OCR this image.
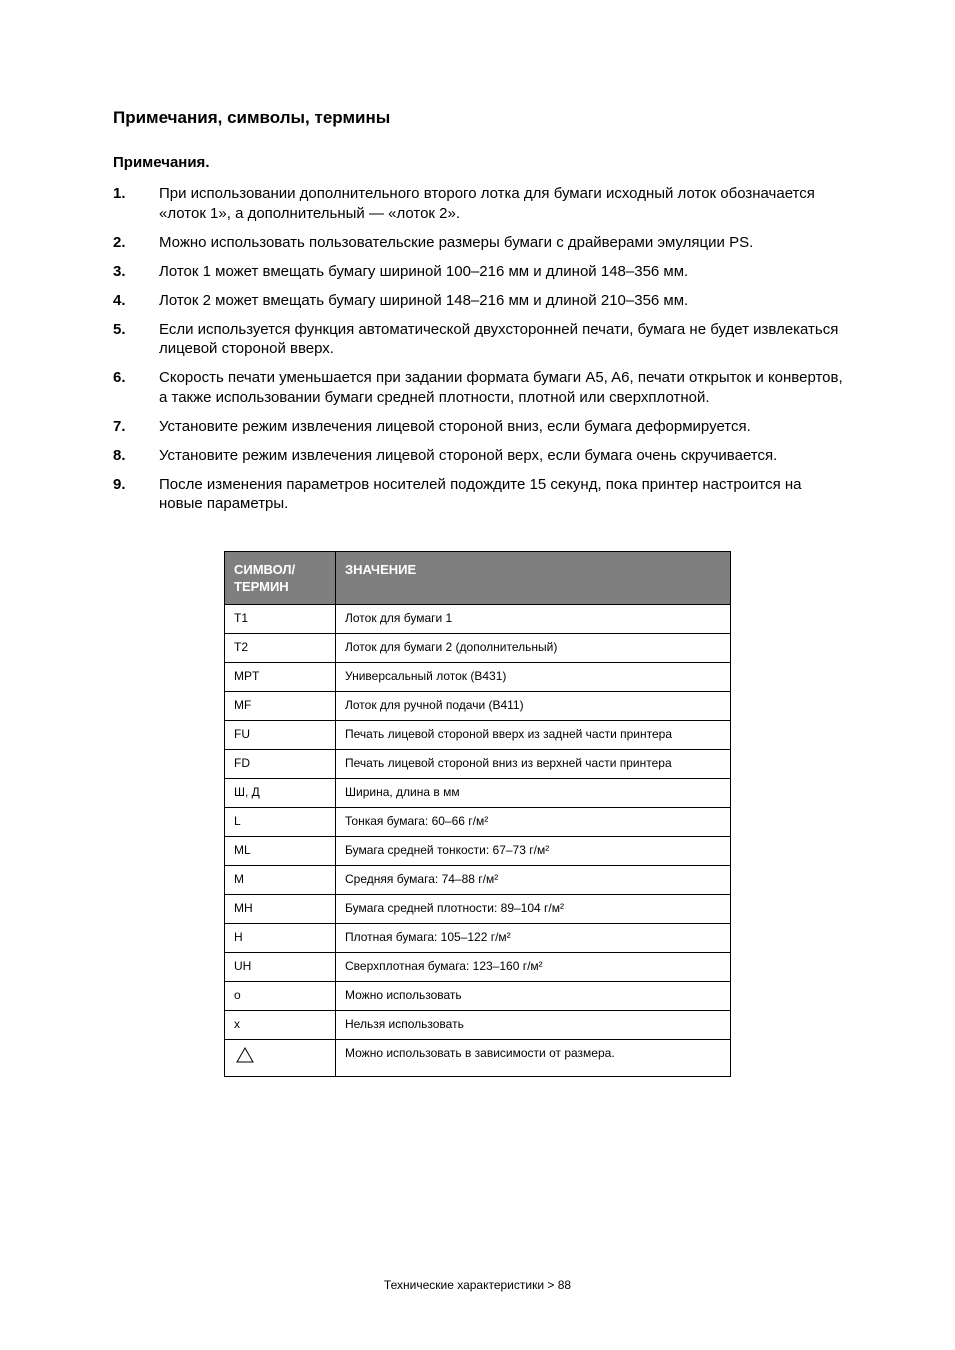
Примечания, символы, термины
Примечания.
1.	При использовании дополнительного второго лотка для бумаги исходный лоток обозначается «лоток 1», а дополнительный — «лоток 2».
2.	Можно использовать пользовательские размеры бумаги с драйверами эмуляции PS.
3.	Лоток 1 может вмещать бумагу шириной 100–216 мм и длиной 148–356 мм.
4.	Лоток 2 может вмещать бумагу шириной 148–216 мм и длиной 210–356 мм.
5.	Если используется функция автоматической двухсторонней печати, бумага не будет извлекаться лицевой стороной вверх.
6.	Скорость печати уменьшается при задании формата бумаги A5, A6, печати открыток и конвертов, а также использовании бумаги средней плотности, плотной или сверхплотной.
7.	Установите режим извлечения лицевой стороной вниз, если бумага деформируется.
8.	Установите режим извлечения лицевой стороной верх, если бумага очень скручивается.
9.	После изменения параметров носителей подождите 15 секунд, пока принтер настроится на новые параметры.
СИМВОЛ/ ТЕРМИН	ЗНАЧЕНИЕ
T1	Лоток для бумаги 1
T2	Лоток для бумаги 2 (дополнительный)
MPT	Универсальный лоток (B431)
MF	Лоток для ручной подачи (B411)
FU	Печать лицевой стороной вверх из задней части принтера
FD	Печать лицевой стороной вниз из верхней части принтера
Ш, Д	Ширина, длина в мм
L	Тонкая бумага: 60–66 г/м²
ML	Бумага средней тонкости: 67–73 г/м²
M	Средняя бумага: 74–88 г/м²
MH	Бумага средней плотности: 89–104 г/м²
H	Плотная бумага: 105–122 г/м²
UH	Сверхплотная бумага: 123–160 г/м²
o	Можно использовать
x	Нельзя использовать
	Можно использовать в зависимости от размера.
Технические характеристики > 88
